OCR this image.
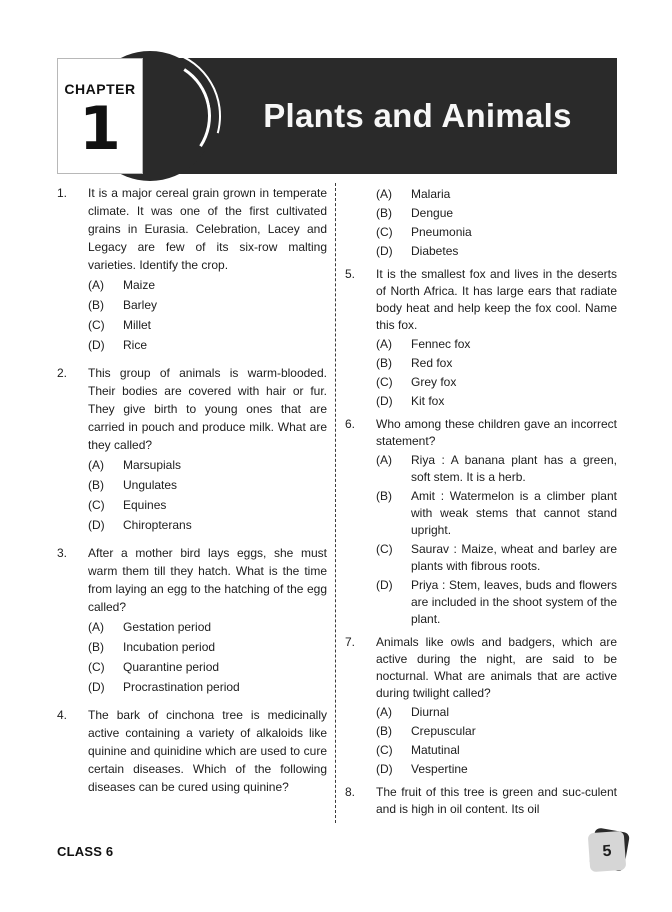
CHAPTER
1	Plants and Animals
1.	It is a major cereal grain grown in temperate climate. It was one of the first cultivated grains in Eurasia. Celebration, Lacey and Legacy are few of its six-row malting varieties. Identify the crop.
(A)	Maize
(B)	Barley
(C)	Millet
(D)	Rice
2.	This group of animals is warm-blooded. Their bodies are covered with hair or fur. They give birth to young ones that are carried in pouch and produce milk. What are they called?
(A)	Marsupials
(B)	Ungulates
(C)	Equines
(D)	Chiropterans
3.	After a mother bird lays eggs, she must warm them till they hatch. What is the time from laying an egg to the hatching of the egg called?
(A)	Gestation period
(B)	Incubation period
(C)	Quarantine period
(D)	Procrastination period
4.	The bark of cinchona tree is medicinally active containing a variety of alkaloids like quinine and quinidine which are used to cure certain diseases. Which of the following diseases can be cured using quinine?
(A)	Malaria
(B)	Dengue
(C)	Pneumonia
(D)	Diabetes
5.	It is the smallest fox and lives in the deserts of North Africa. It has large ears that radiate body heat and help keep the fox cool. Name this fox.
(A)	Fennec fox
(B)	Red fox
(C)	Grey fox
(D)	Kit fox
6.	Who among these children gave an incorrect statement?
(A)	Riya : A banana plant has a green, soft stem. It is a herb.
(B)	Amit : Watermelon is a climber plant with weak stems that cannot stand upright.
(C)	Saurav : Maize, wheat and barley are plants with fibrous roots.
(D)	Priya : Stem, leaves, buds and flowers are included in the shoot system of the plant.
7.	Animals like owls and badgers, which are active during the night, are said to be nocturnal. What are animals that are active during twilight called?
(A)	Diurnal
(B)	Crepuscular
(C)	Matutinal
(D)	Vespertine
8.	The fruit of this tree is green and suc-culent and is high in oil content. Its oil
CLASS 6	5
